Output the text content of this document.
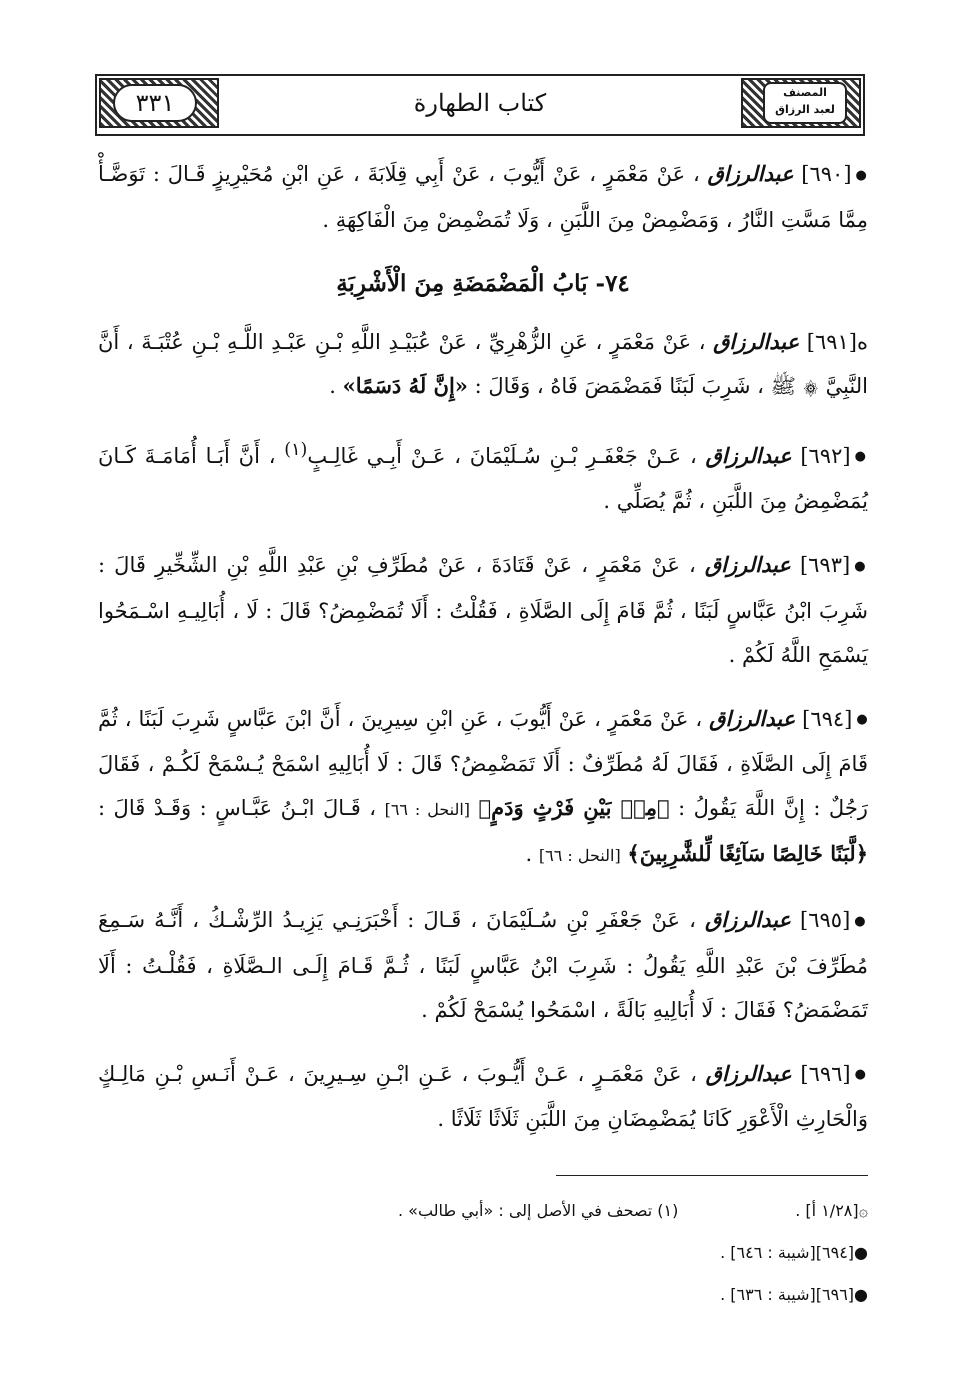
٣٣١	كتاب الطهارة	المصنف
لعبد الرزاق

●[٦٩٠] عبدالرزاق ، عَنْ مَعْمَرٍ ، عَنْ أَيُّوبَ ، عَنْ أَبِي قِلَابَةَ ، عَنِ ابْنِ مُحَيْرِيزٍ قَـالَ : تَوَضَّـأْ مِمَّا مَسَّتِ النَّارُ ، وَمَضْمِضْ مِنَ اللَّبَنِ ، وَلَا تُمَضْمِضْ مِنَ الْفَاكِهَةِ .

٧٤- بَابُ الْمَضْمَضَةِ مِنَ الْأَشْرِبَةِ

ه[٦٩١] عبدالرزاق ، عَنْ مَعْمَرٍ ، عَنِ الزُّهْرِيِّ ، عَنْ عُبَيْـدِ اللَّهِ بْـنِ عَبْـدِ اللَّـهِ بْـنِ عُتْبَـةَ ، أَنَّ النَّبِيَّ ۞ ﷺ ، شَرِبَ لَبَنًا فَمَضْمَضَ فَاهُ ، وَقَالَ : «إِنَّ لَهُ دَسَمًا» .

●[٦٩٢] عبدالرزاق ، عَـنْ جَعْفَـرِ بْـنِ سُـلَيْمَانَ ، عَـنْ أَبِـي غَالِـبٍ$^{(١)}$ ، أَنَّ أَبَـا أُمَامَـةَ كَـانَ يُمَضْمِضُ مِنَ اللَّبَنِ ، ثُمَّ يُصَلِّي .

●[٦٩٣] عبدالرزاق ، عَنْ مَعْمَرٍ ، عَنْ قَتَادَةَ ، عَنْ مُطَرِّفِ بْنِ عَبْدِ اللَّهِ بْنِ الشِّخِّيرِ قَالَ : شَرِبَ ابْنُ عَبَّاسٍ لَبَنًا ، ثُمَّ قَامَ إِلَى الصَّلَاةِ ، فَقُلْتُ : أَلَا تُمَضْمِضُ؟ قَالَ : لَا ، أُبَالِيـهِ اسْـمَحُوا يَسْمَحِ اللَّهُ لَكُمْ .

●[٦٩٤] عبدالرزاق ، عَنْ مَعْمَرٍ ، عَنْ أَيُّوبَ ، عَنِ ابْنِ سِيرِينَ ، أَنَّ ابْنَ عَبَّاسٍ شَرِبَ لَبَنًا ، ثُمَّ قَامَ إِلَى الصَّلَاةِ ، فَقَالَ لَهُ مُطَرِّفٌ : أَلَا تَمَضْمِضُ؟ قَالَ : لَا أُبَالِيهِ اسْمَحْ يُـسْمَحْ لَكُـمْ ، فَقَالَ رَجُلٌ : إِنَّ اللَّهَ يَقُولُ : ﴿مِنۢ بَيْنِ فَرْثٍ وَدَمٍ﴾ [النحل : ٦٦] ، قَـالَ ابْـنُ عَبَّـاسٍ : وَقَـدْ قَالَ : ﴿لَّبَنًا خَالِصًا سَآئِغًا لِّلشَّٰرِبِينَ﴾ [النحل : ٦٦] .

●[٦٩٥] عبدالرزاق ، عَنْ جَعْفَرِ بْنِ سُـلَيْمَانَ ، قَـالَ : أَخْبَرَنِـي يَزِيـدُ الرِّشْـكُ ، أَنَّـهُ سَـمِعَ مُطَرِّفَ بْنَ عَبْدِ اللَّهِ يَقُولُ : شَرِبَ ابْنُ عَبَّاسٍ لَبَنًا ، ثُـمَّ قَـامَ إِلَـى الـصَّلَاةِ ، فَقُلْـتُ : أَلَا تَمَضْمَضُ؟ فَقَالَ : لَا أُبَالِيهِ بَالَةً ، اسْمَحُوا يُسْمَحْ لَكُمْ .

●[٦٩٦] عبدالرزاق ، عَنْ مَعْمَـرٍ ، عَـنْ أَيُّـوبَ ، عَـنِ ابْـنِ سِـيرِينَ ، عَـنْ أَنَـسِ بْـنِ مَالِـكٍ وَالْحَارِثِ الْأَعْوَرِ كَانَا يُمَضْمِضَانِ مِنَ اللَّبَنِ ثَلَاثًا ثَلَاثًا .

۞[١/٢٨ أ] .
(١) تصحف في الأصل إلى : «أبي طالب» .
●[٦٩٤][شيبة : ٦٤٦] .
●[٦٩٦][شيبة : ٦٣٦] .
